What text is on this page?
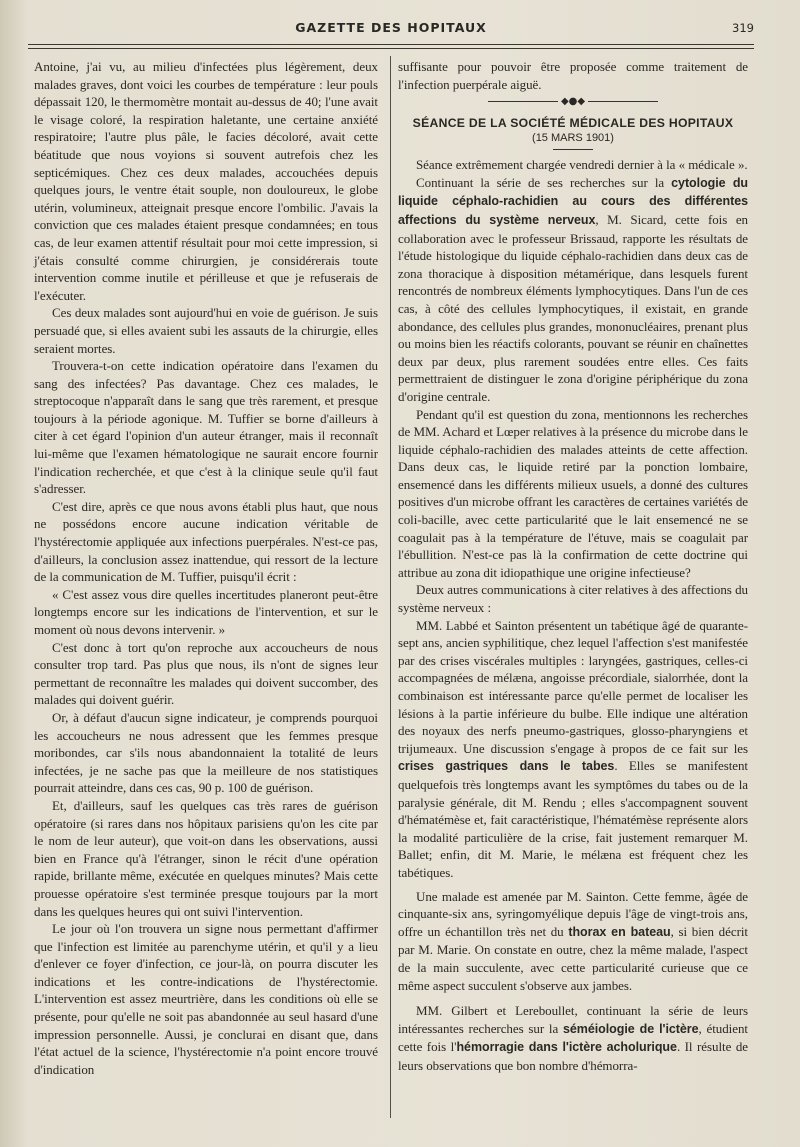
GAZETTE DES HOPITAUX	319

Antoine, j'ai vu, au milieu d'infectées plus légèrement, deux malades graves, dont voici les courbes de température : leur pouls dépassait 120, le thermomètre montait au-dessus de 40; l'une avait le visage coloré, la respiration haletante, une certaine anxiété respiratoire; l'autre plus pâle, le facies décoloré, avait cette béatitude que nous voyions si souvent autrefois chez les septicémiques. Chez ces deux malades, accouchées depuis quelques jours, le ventre était souple, non douloureux, le globe utérin, volumineux, atteignait presque encore l'ombilic. J'avais la conviction que ces malades étaient presque condamnées; en tous cas, de leur examen attentif résultait pour moi cette impression, si j'étais consulté comme chirurgien, je considérerais toute intervention comme inutile et périlleuse et que je refuserais de l'exécuter.

Ces deux malades sont aujourd'hui en voie de guérison. Je suis persuadé que, si elles avaient subi les assauts de la chirurgie, elles seraient mortes.

Trouvera-t-on cette indication opératoire dans l'examen du sang des infectées? Pas davantage. Chez ces malades, le streptocoque n'apparaît dans le sang que très rarement, et presque toujours à la période agonique. M. Tuffier se borne d'ailleurs à citer à cet égard l'opinion d'un auteur étranger, mais il reconnaît lui-même que l'examen hématologique ne saurait encore fournir l'indication recherchée, et que c'est à la clinique seule qu'il faut s'adresser.

C'est dire, après ce que nous avons établi plus haut, que nous ne possédons encore aucune indication véritable de l'hystérectomie appliquée aux infections puerpérales. N'est-ce pas, d'ailleurs, la conclusion assez inattendue, qui ressort de la lecture de la communication de M. Tuffier, puisqu'il écrit :

« C'est assez vous dire quelles incertitudes planeront peut-être longtemps encore sur les indications de l'intervention, et sur le moment où nous devons intervenir. »

C'est donc à tort qu'on reproche aux accoucheurs de nous consulter trop tard. Pas plus que nous, ils n'ont de signes leur permettant de reconnaître les malades qui doivent succomber, des malades qui doivent guérir.

Or, à défaut d'aucun signe indicateur, je comprends pourquoi les accoucheurs ne nous adressent que les femmes presque moribondes, car s'ils nous abandonnaient la totalité de leurs infectées, je ne sache pas que la meilleure de nos statistiques pourrait atteindre, dans ces cas, 90 p. 100 de guérison.

Et, d'ailleurs, sauf les quelques cas très rares de guérison opératoire (si rares dans nos hôpitaux parisiens qu'on les cite par le nom de leur auteur), que voit-on dans les observations, aussi bien en France qu'à l'étranger, sinon le récit d'une opération rapide, brillante même, exécutée en quelques minutes? Mais cette prouesse opératoire s'est terminée presque toujours par la mort dans les quelques heures qui ont suivi l'intervention.

Le jour où l'on trouvera un signe nous permettant d'affirmer que l'infection est limitée au parenchyme utérin, et qu'il y a lieu d'enlever ce foyer d'infection, ce jour-là, on pourra discuter les indications et les contre-indications de l'hystérectomie. L'intervention est assez meurtrière, dans les conditions où elle se présente, pour qu'elle ne soit pas abandonnée au seul hasard d'une impression personnelle. Aussi, je conclurai en disant que, dans l'état actuel de la science, l'hystérectomie n'a point encore trouvé d'indication

suffisante pour pouvoir être proposée comme traitement de l'infection puerpérale aiguë.

◆●◆
SÉANCE DE LA SOCIÉTÉ MÉDICALE DES HOPITAUX
(15 MARS 1901)

Séance extrêmement chargée vendredi dernier à la « médicale ».

Continuant la série de ses recherches sur la cytologie du liquide céphalo-rachidien au cours des différentes affections du système nerveux, M. Sicard, cette fois en collaboration avec le professeur Brissaud, rapporte les résultats de l'étude histologique du liquide céphalo-rachidien dans deux cas de zona thoracique à disposition métamérique, dans lesquels furent rencontrés de nombreux éléments lymphocytiques. Dans l'un de ces cas, à côté des cellules lymphocytiques, il existait, en grande abondance, des cellules plus grandes, mononucléaires, prenant plus ou moins bien les réactifs colorants, pouvant se réunir en chaînettes deux par deux, plus rarement soudées entre elles. Ces faits permettraient de distinguer le zona d'origine périphérique du zona d'origine centrale.

Pendant qu'il est question du zona, mentionnons les recherches de MM. Achard et Lœper relatives à la présence du microbe dans le liquide céphalo-rachidien des malades atteints de cette affection. Dans deux cas, le liquide retiré par la ponction lombaire, ensemencé dans les différents milieux usuels, a donné des cultures positives d'un microbe offrant les caractères de certaines variétés de coli-bacille, avec cette particularité que le lait ensemencé ne se coagulait pas à la température de l'étuve, mais se coagulait par l'ébullition. N'est-ce pas là la confirmation de cette doctrine qui attribue au zona dit idiopathique une origine infectieuse?

Deux autres communications à citer relatives à des affections du système nerveux :

MM. Labbé et Sainton présentent un tabétique âgé de quarante-sept ans, ancien syphilitique, chez lequel l'affection s'est manifestée par des crises viscérales multiples : laryngées, gastriques, celles-ci accompagnées de mélæna, angoisse précordiale, sialorrhée, dont la combinaison est intéressante parce qu'elle permet de localiser les lésions à la partie inférieure du bulbe. Elle indique une altération des noyaux des nerfs pneumo-gastriques, glosso-pharyngiens et trijumeaux. Une discussion s'engage à propos de ce fait sur les crises gastriques dans le tabes. Elles se manifestent quelquefois très longtemps avant les symptômes du tabes ou de la paralysie générale, dit M. Rendu ; elles s'accompagnent souvent d'hématémèse et, fait caractéristique, l'hématémèse représente alors la modalité particulière de la crise, fait justement remarquer M. Ballet; enfin, dit M. Marie, le mélæna est fréquent chez les tabétiques.

Une malade est amenée par M. Sainton. Cette femme, âgée de cinquante-six ans, syringomyélique depuis l'âge de vingt-trois ans, offre un échantillon très net du thorax en bateau, si bien décrit par M. Marie. On constate en outre, chez la même malade, l'aspect de la main succulente, avec cette particularité curieuse que ce même aspect succulent s'observe aux jambes.

MM. Gilbert et Lereboullet, continuant la série de leurs intéressantes recherches sur la séméiologie de l'ictère, étudient cette fois l'hémorragie dans l'ictère acholurique. Il résulte de leurs observations que bon nombre d'hémorra-
